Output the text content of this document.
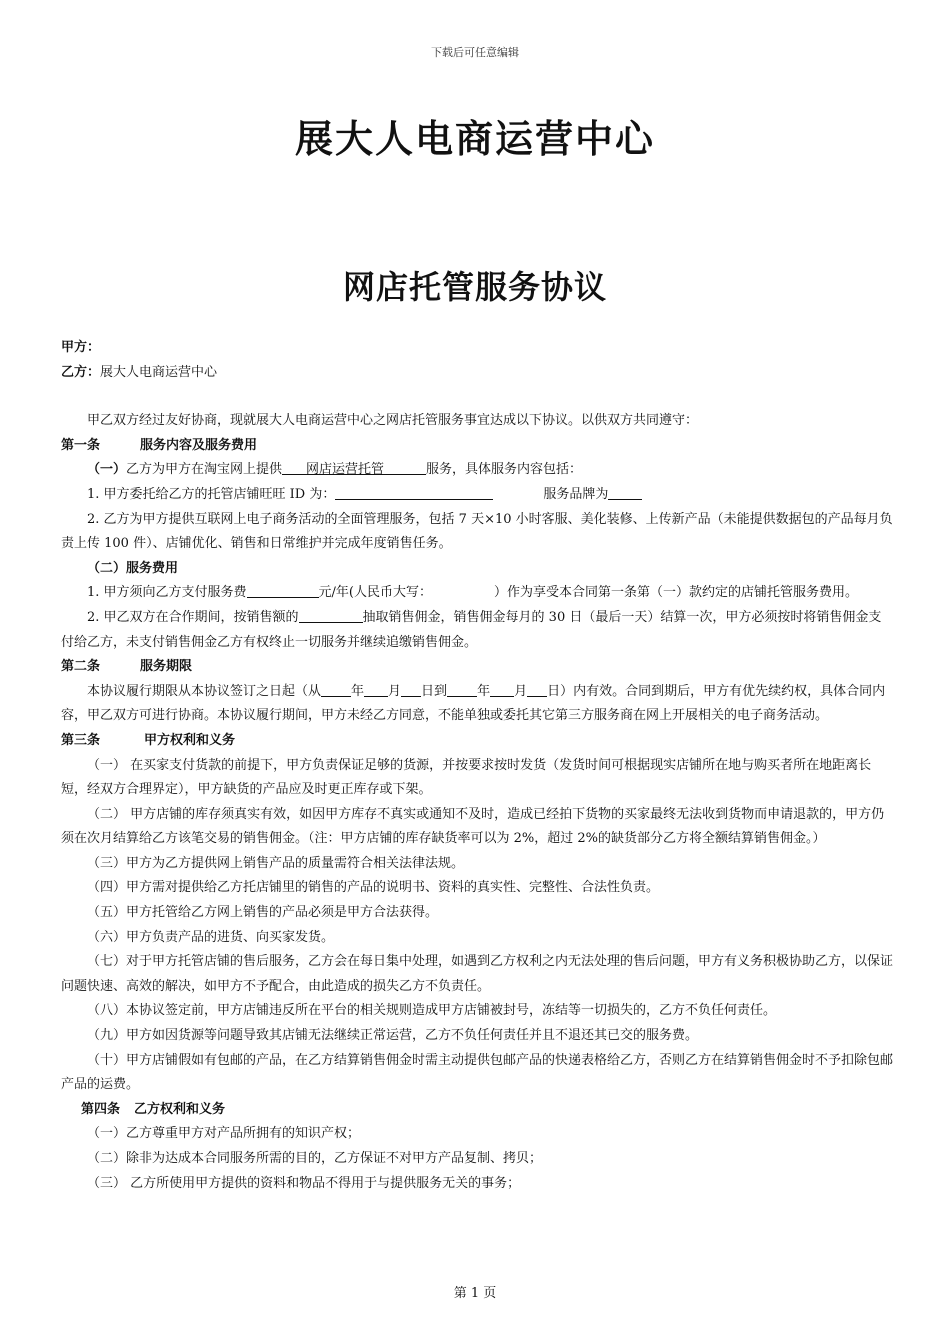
下载后可任意编辑
展大人电商运营中心
网店托管服务协议

甲方：

乙方：展大人电商运营中心

甲乙双方经过友好协商，现就展大人电商运营中心之网店托管服务事宜达成以下协议。以供双方共同遵守：

第一条	服务内容及服务费用

（一）乙方为甲方在淘宝网上提供 网店运营托管	服务，具体服务内容包括：

1. 甲方委托给乙方的托管店铺旺旺 ID 为：	服务品牌为

2. 乙方为甲方提供互联网上电子商务活动的全面管理服务，包括 7 天×10 小时客服、美化装修、上传新产品（未能提供数据包的产品每月负责上传 100 件）、店铺优化、销售和日常维护并完成年度销售任务。

（二）服务费用

1. 甲方须向乙方支付服务费	元/年(人民币大写：	）作为享受本合同第一条第（一）款约定的店铺托管服务费用。

2. 甲乙双方在合作期间，按销售额的	抽取销售佣金，销售佣金每月的 30 日（最后一天）结算一次，甲方必须按时将销售佣金支付给乙方，未支付销售佣金乙方有权终止一切服务并继续追缴销售佣金。

第二条	服务期限

本协议履行期限从本协议签订之日起（从 年 月 日到 年 月 日）内有效。合同到期后，甲方有优先续约权，具体合同内容，甲乙双方可进行协商。本协议履行期间，甲方未经乙方同意，不能单独或委托其它第三方服务商在网上开展相关的电子商务活动。

第三条	甲方权利和义务

（一） 在买家支付货款的前提下，甲方负责保证足够的货源，并按要求按时发货（发货时间可根据现实店铺所在地与购买者所在地距离长短，经双方合理界定），甲方缺货的产品应及时更正库存或下架。

（二） 甲方店铺的库存须真实有效，如因甲方库存不真实或通知不及时，造成已经拍下货物的买家最终无法收到货物而申请退款的，甲方仍须在次月结算给乙方该笔交易的销售佣金。（注：甲方店铺的库存缺货率可以为 2%，超过 2%的缺货部分乙方将全额结算销售佣金。）

（三）甲方为乙方提供网上销售产品的质量需符合相关法律法规。

（四）甲方需对提供给乙方托店铺里的销售的产品的说明书、资料的真实性、完整性、合法性负责。

（五）甲方托管给乙方网上销售的产品必须是甲方合法获得。

（六）甲方负责产品的进货、向买家发货。

（七）对于甲方托管店铺的售后服务，乙方会在每日集中处理，如遇到乙方权利之内无法处理的售后问题，甲方有义务积极协助乙方，以保证问题快速、高效的解决，如甲方不予配合，由此造成的损失乙方不负责任。

（八）本协议签定前，甲方店铺违反所在平台的相关规则造成甲方店铺被封号，冻结等一切损失的，乙方不负任何责任。

（九）甲方如因货源等问题导致其店铺无法继续正常运营，乙方不负任何责任并且不退还其已交的服务费。

（十）甲方店铺假如有包邮的产品，在乙方结算销售佣金时需主动提供包邮产品的快递表格给乙方，否则乙方在结算销售佣金时不予扣除包邮产品的运费。

第四条 乙方权利和义务

（一）乙方尊重甲方对产品所拥有的知识产权；

（二）除非为达成本合同服务所需的目的，乙方保证不对甲方产品复制、拷贝；

（三） 乙方所使用甲方提供的资料和物品不得用于与提供服务无关的事务；

第 1 页
